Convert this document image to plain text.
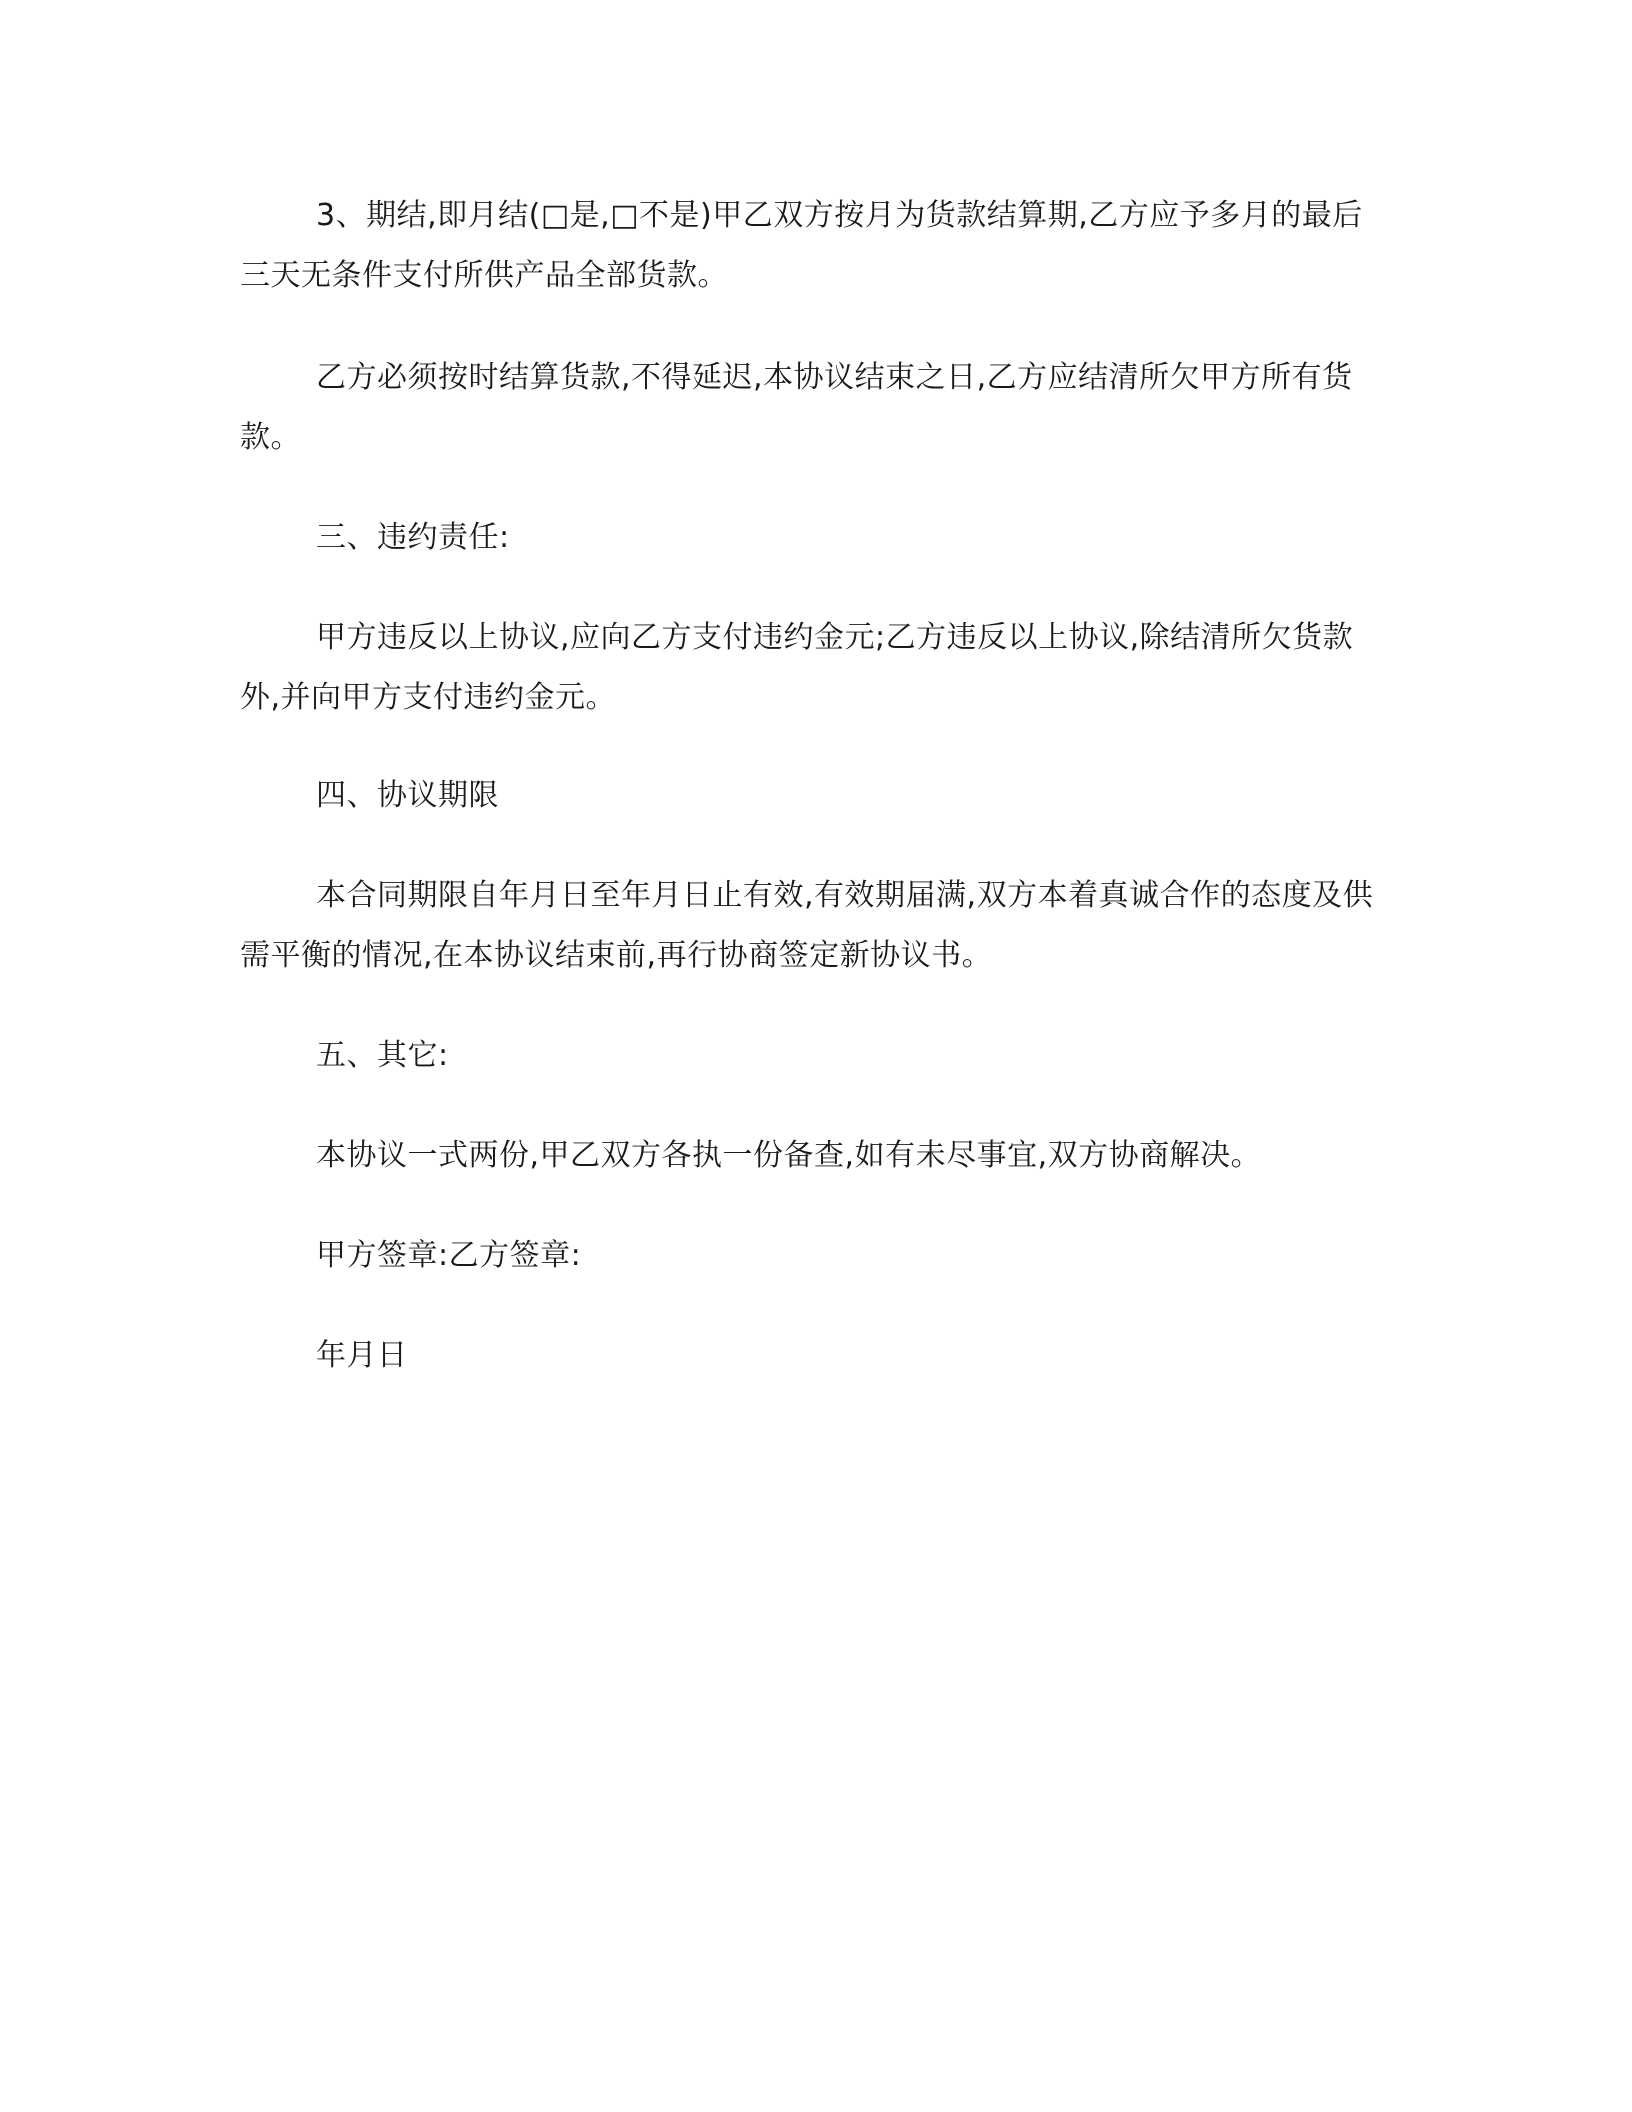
3、期结,即月结(□是,□不是)甲乙双方按月为货款结算期,乙方应予多月的最后三天无条件支付所供产品全部货款。

乙方必须按时结算货款,不得延迟,本协议结束之日,乙方应结清所欠甲方所有货款。

三、违约责任:

甲方违反以上协议,应向乙方支付违约金元;乙方违反以上协议,除结清所欠货款外,并向甲方支付违约金元。

四、协议期限

本合同期限自年月日至年月日止有效,有效期届满,双方本着真诚合作的态度及供需平衡的情况,在本协议结束前,再行协商签定新协议书。

五、其它:

本协议一式两份,甲乙双方各执一份备查,如有未尽事宜,双方协商解决。

甲方签章:乙方签章:

年月日
